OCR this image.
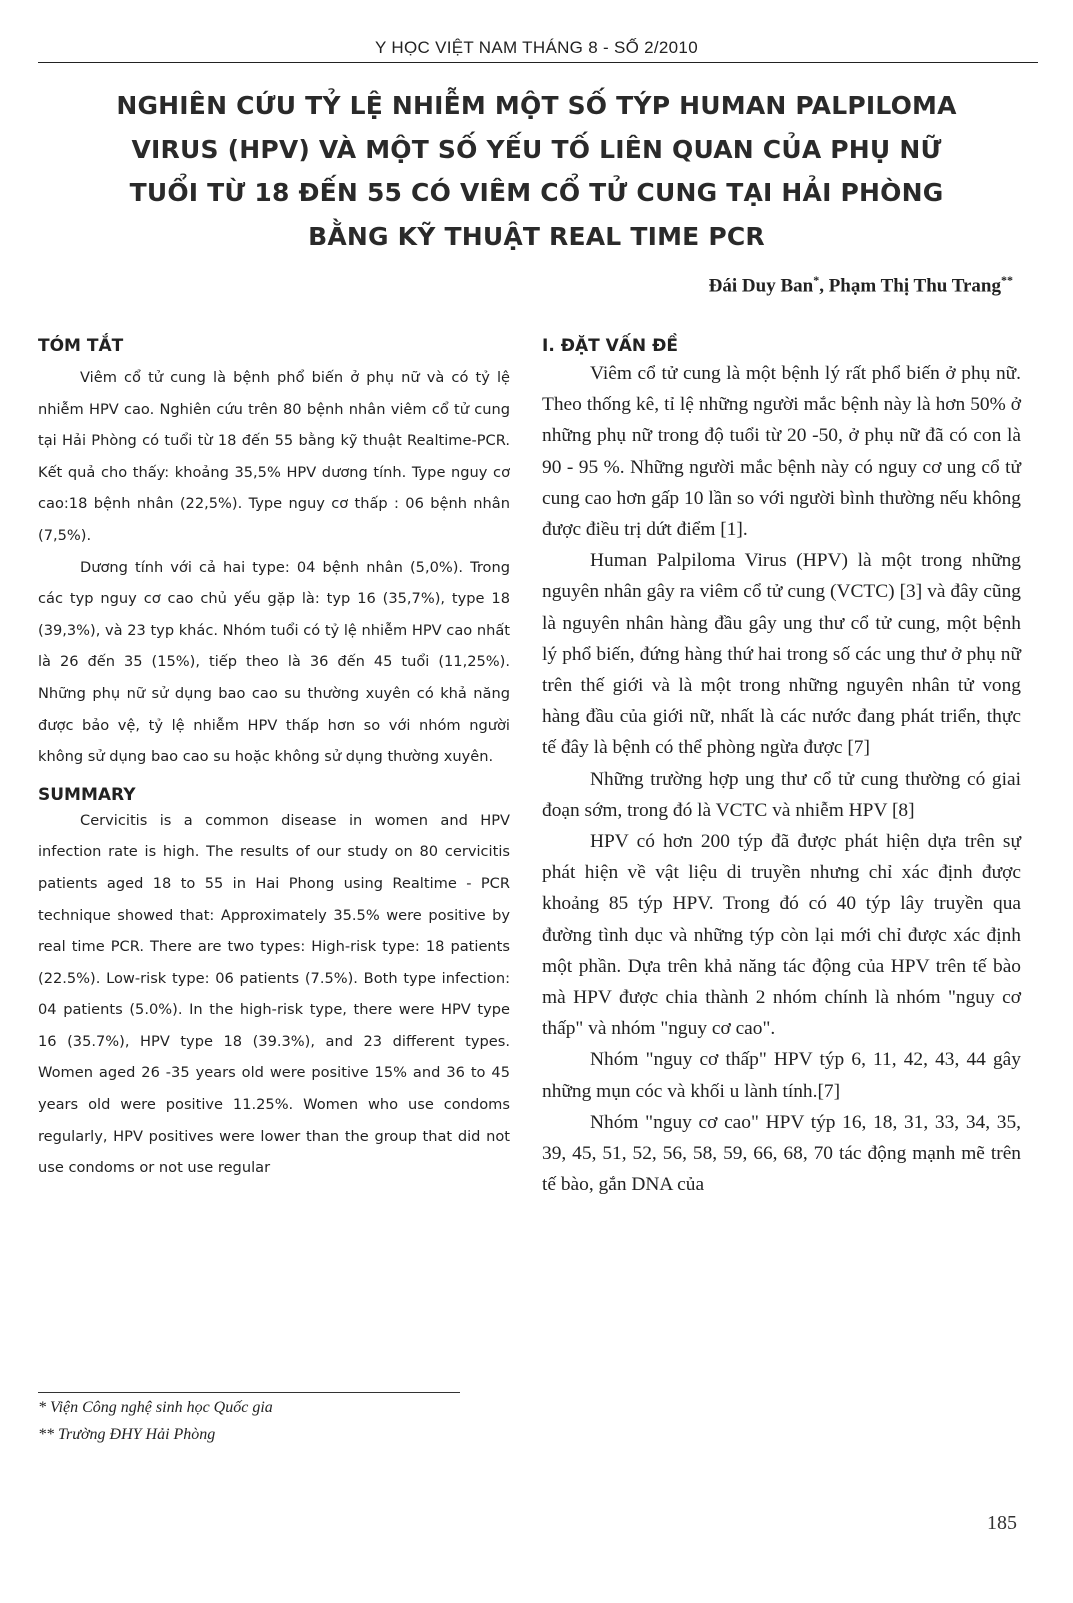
Y HỌC VIỆT NAM THÁNG 8 - SỐ 2/2010
NGHIÊN CỨU TỶ LỆ NHIỄM MỘT SỐ TÝP HUMAN PALPILOMA
VIRUS (HPV) VÀ MỘT SỐ YẾU TỐ LIÊN QUAN CỦA PHỤ NỮ
TUỔI TỪ 18 ĐẾN 55 CÓ VIÊM CỔ TỬ CUNG TẠI HẢI PHÒNG
BẰNG KỸ THUẬT REAL TIME PCR
Đái Duy Ban*, Phạm Thị Thu Trang**
TÓM TẮT

Viêm cổ tử cung là bệnh phổ biến ở phụ nữ và có tỷ lệ nhiễm HPV cao. Nghiên cứu trên 80 bệnh nhân viêm cổ tử cung tại Hải Phòng có tuổi từ 18 đến 55 bằng kỹ thuật Realtime-PCR. Kết quả cho thấy: khoảng 35,5% HPV dương tính. Type nguy cơ cao:18 bệnh nhân (22,5%). Type nguy cơ thấp : 06 bệnh nhân (7,5%).

Dương tính với cả hai type: 04 bệnh nhân (5,0%). Trong các typ nguy cơ cao chủ yếu gặp là: typ 16 (35,7%), type 18 (39,3%), và 23 typ khác. Nhóm tuổi có tỷ lệ nhiễm HPV cao nhất là 26 đến 35 (15%), tiếp theo là 36 đến 45 tuổi (11,25%). Những phụ nữ sử dụng bao cao su thường xuyên có khả năng được bảo vệ, tỷ lệ nhiễm HPV thấp hơn so với nhóm người không sử dụng bao cao su hoặc không sử dụng thường xuyên.

SUMMARY

Cervicitis is a common disease in women and HPV infection rate is high. The results of our study on 80 cervicitis patients aged 18 to 55 in Hai Phong using Realtime - PCR technique showed that: Approximately 35.5% were positive by real time PCR. There are two types: High-risk type: 18 patients (22.5%). Low-risk type: 06 patients (7.5%). Both type infection: 04 patients (5.0%). In the high-risk type, there were HPV type 16 (35.7%), HPV type 18 (39.3%), and 23 different types. Women aged 26 -35 years old were positive 15% and 36 to 45 years old were positive 11.25%. Women who use condoms regularly, HPV positives were lower than the group that did not use condoms or not use regular

I. ĐẶT VẤN ĐỀ

Viêm cổ tử cung là một bệnh lý rất phổ biến ở phụ nữ. Theo thống kê, tỉ lệ những người mắc bệnh này là hơn 50% ở những phụ nữ trong độ tuổi từ 20 -50, ở phụ nữ đã có con là 90 - 95 %. Những người mắc bệnh này có nguy cơ ung cổ tử cung cao hơn gấp 10 lần so với người bình thường nếu không được điều trị dứt điểm [1].

Human Palpiloma Virus (HPV) là một trong những nguyên nhân gây ra viêm cổ tử cung (VCTC) [3] và đây cũng là nguyên nhân hàng đầu gây ung thư cổ tử cung, một bệnh lý phổ biến, đứng hàng thứ hai trong số các ung thư ở phụ nữ trên thế giới và là một trong những nguyên nhân tử vong hàng đầu của giới nữ, nhất là các nước đang phát triển, thực tế đây là bệnh có thể phòng ngừa được [7]

Những trường hợp ung thư cổ tử cung thường có giai đoạn sớm, trong đó là VCTC và nhiễm HPV [8]

HPV có hơn 200 týp đã được phát hiện dựa trên sự phát hiện về vật liệu di truyền nhưng chỉ xác định được khoảng 85 týp HPV. Trong đó có 40 týp lây truyền qua đường tình dục và những týp còn lại mới chỉ được xác định một phần. Dựa trên khả năng tác động của HPV trên tế bào mà HPV được chia thành 2 nhóm chính là nhóm "nguy cơ thấp" và nhóm "nguy cơ cao".

Nhóm "nguy cơ thấp" HPV týp 6, 11, 42, 43, 44 gây những mụn cóc và khối u lành tính.[7]

Nhóm "nguy cơ cao" HPV týp 16, 18, 31, 33, 34, 35, 39, 45, 51, 52, 56, 58, 59, 66, 68, 70 tác động mạnh mẽ trên tế bào, gắn DNA của

* Viện Công nghệ sinh học Quốc gia
** Trường ĐHY Hải Phòng
185
